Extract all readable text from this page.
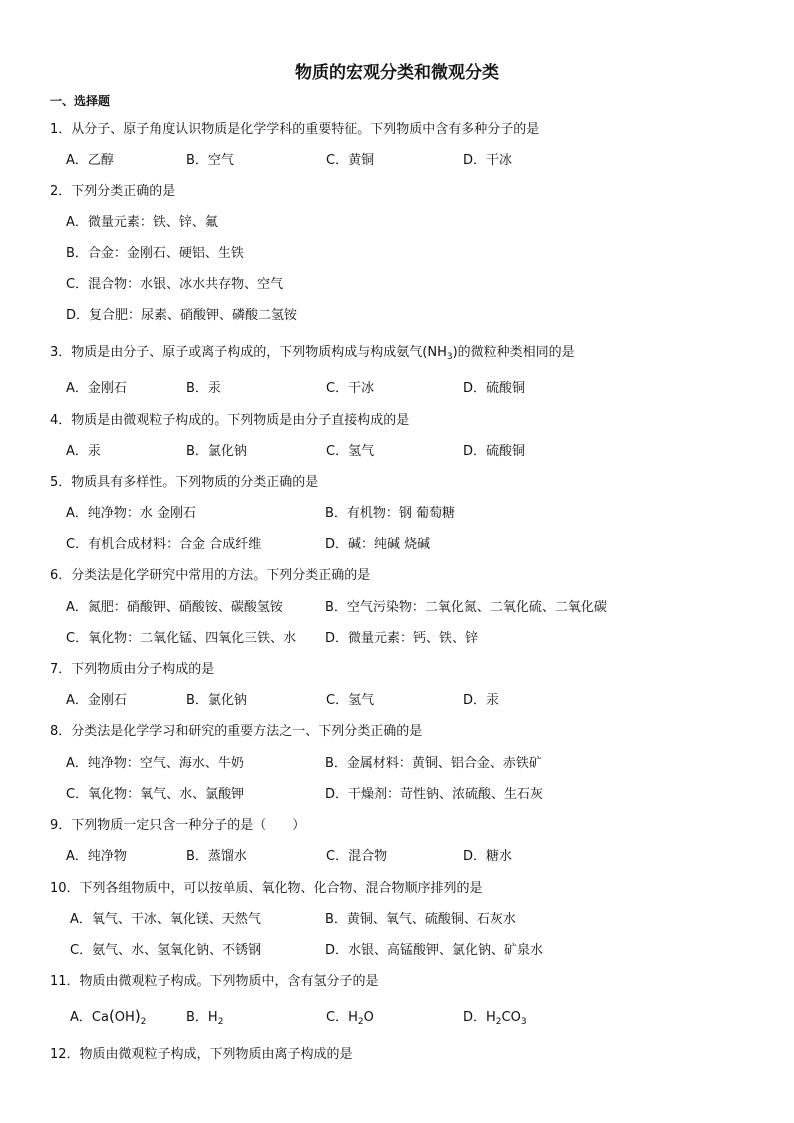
物质的宏观分类和微观分类
一、选择题
1．从分子、原子角度认识物质是化学学科的重要特征。下列物质中含有多种分子的是
A．乙醇	B．空气	C．黄铜	D．干冰
2．下列分类正确的是
A．微量元素：铁、锌、氟
B．合金：金刚石、硬铝、生铁
C．混合物：水银、冰水共存物、空气
D．复合肥：尿素、硝酸钾、磷酸二氢铵
3．物质是由分子、原子或离子构成的，下列物质构成与构成氨气$(NH_3)$的微粒种类相同的是
A．金刚石	B．汞	C．干冰	D．硫酸铜
4．物质是由微观粒子构成的。下列物质是由分子直接构成的是
A．汞	B．氯化钠	C．氢气	D．硫酸铜
5．物质具有多样性。下列物质的分类正确的是
A．纯净物：水 金刚石	B．有机物：钢 葡萄糖
C．有机合成材料：合金 合成纤维	D．碱：纯碱 烧碱
6．分类法是化学研究中常用的方法。下列分类正确的是
A．氮肥：硝酸钾、硝酸铵、碳酸氢铵	B．空气污染物：二氧化氮、二氧化硫、二氧化碳
C．氧化物：二氧化锰、四氧化三铁、水 D．微量元素：钙、铁、锌
7．下列物质由分子构成的是
A．金刚石	B．氯化钠	C．氢气	D．汞
8．分类法是化学学习和研究的重要方法之一、下列分类正确的是
A．纯净物：空气、海水、牛奶	B．金属材料：黄铜、铝合金、赤铁矿
C．氧化物：氧气、水、氯酸钾	D．干燥剂：苛性钠、浓硫酸、生石灰
9．下列物质一定只含一种分子的是（　　）
A．纯净物	B．蒸馏水	C．混合物	D．糖水
10．下列各组物质中，可以按单质、氧化物、化合物、混合物顺序排列的是
A．氧气、干冰、氧化镁、天然气	B．黄铜、氧气、硫酸铜、石灰水
C．氨气、水、氢氧化钠、不锈钢	D．水银、高锰酸钾、氯化钠、矿泉水
11．物质由微观粒子构成。下列物质中，含有氢分子的是
A．$Ca(OH)_2$	B．$H_2$	C．$H_2O$	D．$H_2CO_3$
12．物质由微观粒子构成，下列物质由离子构成的是
